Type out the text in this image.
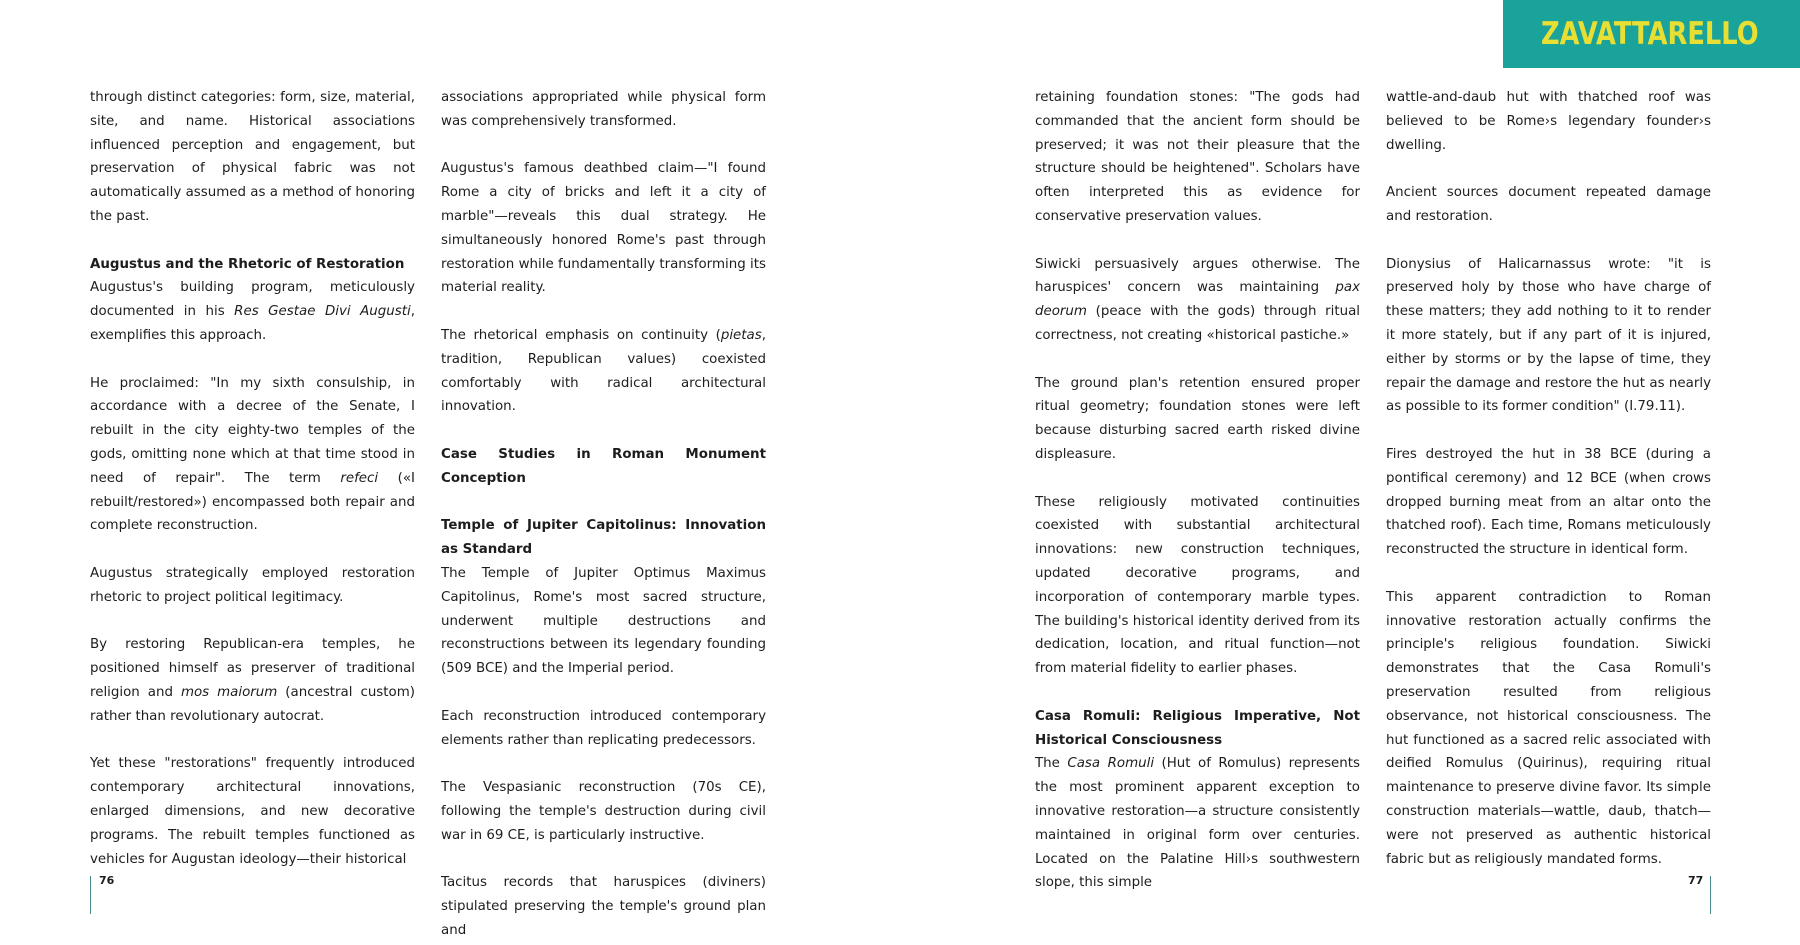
ZAVATTARELLO

through distinct categories: form, size, material, site, and name. Historical associations influenced perception and engagement, but preservation of physical fabric was not automatically assumed as a method of honoring the past.

Augustus and the Rhetoric of Restoration

Augustus's building program, meticulously documented in his Res Gestae Divi Augusti, exemplifies this approach.

He proclaimed: "In my sixth consulship, in accordance with a decree of the Senate, I rebuilt in the city eighty-two temples of the gods, omitting none which at that time stood in need of repair". The term refeci («I rebuilt/restored») encompassed both repair and complete reconstruction.

Augustus strategically employed restoration rhetoric to project political legitimacy.

By restoring Republican-era temples, he positioned himself as preserver of traditional religion and mos maiorum (ancestral custom) rather than revolutionary autocrat.

Yet these "restorations" frequently introduced contemporary architectural innovations, enlarged dimensions, and new decorative programs. The rebuilt temples functioned as vehicles for Augustan ideology—their historical

associations appropriated while physical form was comprehensively transformed.

Augustus's famous deathbed claim—"I found Rome a city of bricks and left it a city of marble"—reveals this dual strategy. He simultaneously honored Rome's past through restoration while fundamentally transforming its material reality.

The rhetorical emphasis on continuity (pietas, tradition, Republican values) coexisted comfortably with radical architectural innovation.

Case Studies in Roman Monument Conception
Temple of Jupiter Capitolinus: Innovation as Standard

The Temple of Jupiter Optimus Maximus Capitolinus, Rome's most sacred structure, underwent multiple destructions and reconstructions between its legendary founding (509 BCE) and the Imperial period.

Each reconstruction introduced contemporary elements rather than replicating predecessors.

The Vespasianic reconstruction (70s CE), following the temple's destruction during civil war in 69 CE, is particularly instructive.

Tacitus records that haruspices (diviners) stipulated preserving the temple's ground plan and

retaining foundation stones: "The gods had commanded that the ancient form should be preserved; it was not their pleasure that the structure should be heightened". Scholars have often interpreted this as evidence for conservative preservation values.

Siwicki persuasively argues otherwise. The haruspices' concern was maintaining pax deorum (peace with the gods) through ritual correctness, not creating «historical pastiche.»

The ground plan's retention ensured proper ritual geometry; foundation stones were left because disturbing sacred earth risked divine displeasure.

These religiously motivated continuities coexisted with substantial architectural innovations: new construction techniques, updated decorative programs, and incorporation of contemporary marble types. The building's historical identity derived from its dedication, location, and ritual function—not from material fidelity to earlier phases.

Casa Romuli: Religious Imperative, Not Historical Consciousness

The Casa Romuli (Hut of Romulus) represents the most prominent apparent exception to innovative restoration—a structure consistently maintained in original form over centuries. Located on the Palatine Hill›s southwestern slope, this simple

wattle-and-daub hut with thatched roof was believed to be Rome›s legendary founder›s dwelling.

Ancient sources document repeated damage and restoration.

Dionysius of Halicarnassus wrote: "it is preserved holy by those who have charge of these matters; they add nothing to it to render it more stately, but if any part of it is injured, either by storms or by the lapse of time, they repair the damage and restore the hut as nearly as possible to its former condition" (I.79.11).

Fires destroyed the hut in 38 BCE (during a pontifical ceremony) and 12 BCE (when crows dropped burning meat from an altar onto the thatched roof). Each time, Romans meticulously reconstructed the structure in identical form.

This apparent contradiction to Roman innovative restoration actually confirms the principle's religious foundation. Siwicki demonstrates that the Casa Romuli's preservation resulted from religious observance, not historical consciousness. The hut functioned as a sacred relic associated with deified Romulus (Quirinus), requiring ritual maintenance to preserve divine favor. Its simple construction materials—wattle, daub, thatch—were not preserved as authentic historical fabric but as religiously mandated forms.

76	77
